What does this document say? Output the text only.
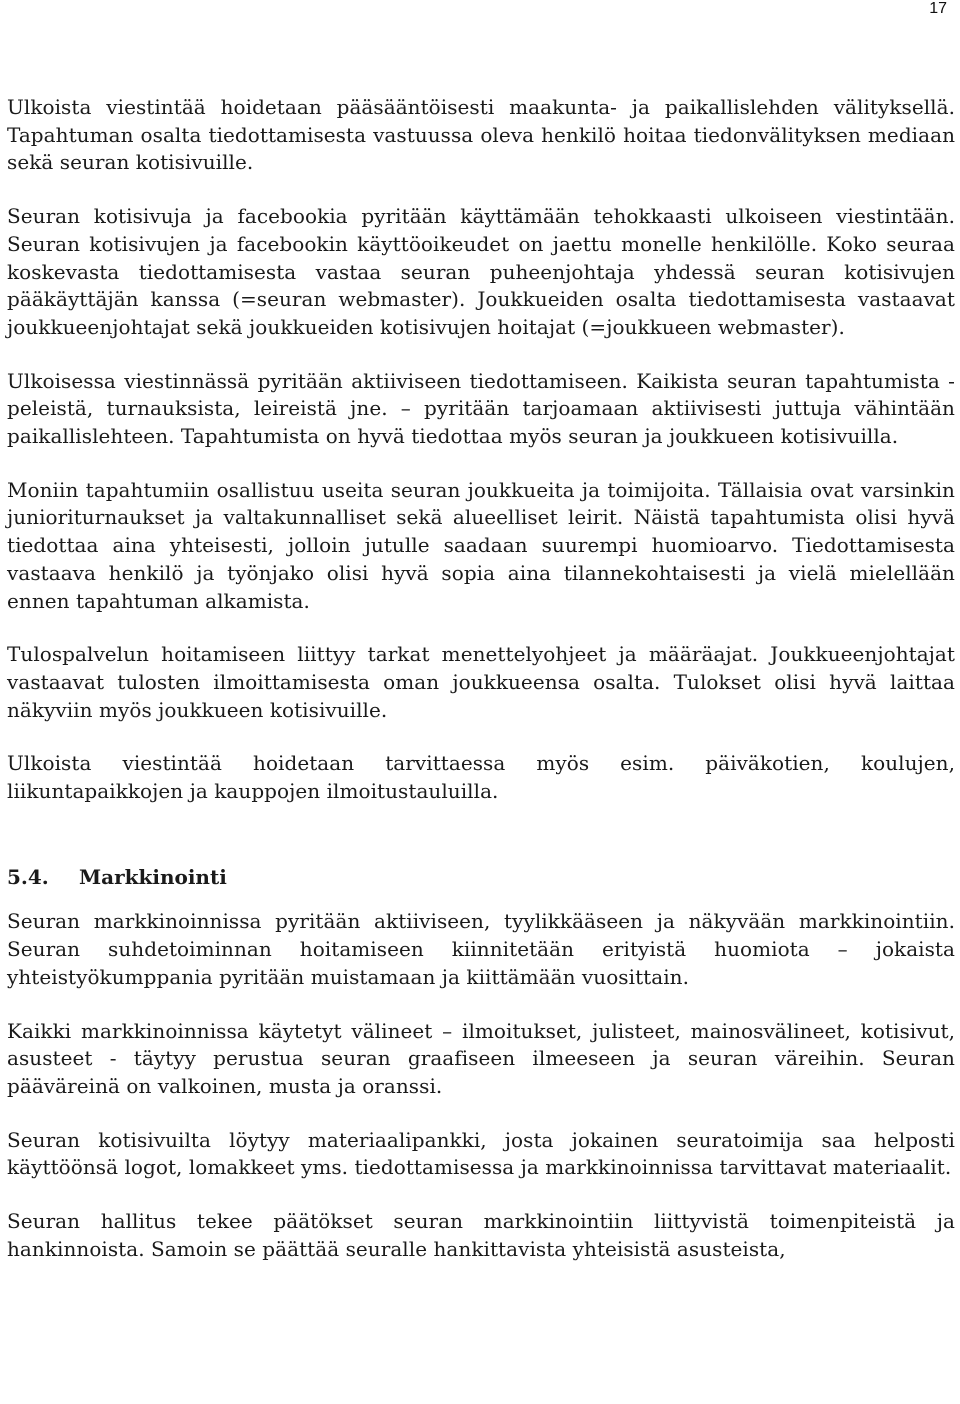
17

Ulkoista viestintää hoidetaan pääsääntöisesti maakunta- ja paikallislehden välityksellä. Tapahtuman osalta tiedottamisesta vastuussa oleva henkilö hoitaa tiedonvälityksen mediaan sekä seuran kotisivuille.

Seuran kotisivuja ja facebookia pyritään käyttämään tehokkaasti ulkoiseen viestintään. Seuran kotisivujen ja facebookin käyttöoikeudet on jaettu monelle henkilölle. Koko seuraa koskevasta tiedottamisesta vastaa seuran puheenjohtaja yhdessä seuran kotisivujen pääkäyttäjän kanssa (=seuran webmaster). Joukkueiden osalta tiedottamisesta vastaavat joukkueenjohtajat sekä joukkueiden kotisivujen hoitajat (=joukkueen webmaster).

Ulkoisessa viestinnässä pyritään aktiiviseen tiedottamiseen. Kaikista seuran tapahtumista - peleistä, turnauksista, leireistä jne. – pyritään tarjoamaan aktiivisesti juttuja vähintään paikallislehteen. Tapahtumista on hyvä tiedottaa myös seuran ja joukkueen kotisivuilla.

Moniin tapahtumiin osallistuu useita seuran joukkueita ja toimijoita. Tällaisia ovat varsinkin junioriturnaukset ja valtakunnalliset sekä alueelliset leirit. Näistä tapahtumista olisi hyvä tiedottaa aina yhteisesti, jolloin jutulle saadaan suurempi huomioarvo. Tiedottamisesta vastaava henkilö ja työnjako olisi hyvä sopia aina tilannekohtaisesti ja vielä mielellään ennen tapahtuman alkamista.

Tulospalvelun hoitamiseen liittyy tarkat menettelyohjeet ja määräajat. Joukkueenjohtajat vastaavat tulosten ilmoittamisesta oman joukkueensa osalta. Tulokset olisi hyvä laittaa näkyviin myös joukkueen kotisivuille.

Ulkoista viestintää hoidetaan tarvittaessa myös esim. päiväkotien, koulujen, liikuntapaikkojen ja kauppojen ilmoitustauluilla.

5.4.	Markkinointi

Seuran markkinoinnissa pyritään aktiiviseen, tyylikkääseen ja näkyvään markkinointiin. Seuran suhdetoiminnan hoitamiseen kiinnitetään erityistä huomiota – jokaista yhteistyökumppania pyritään muistamaan ja kiittämään vuosittain.

Kaikki markkinoinnissa käytetyt välineet – ilmoitukset, julisteet, mainosvälineet, kotisivut, asusteet - täytyy perustua seuran graafiseen ilmeeseen ja seuran väreihin. Seuran pääväreinä on valkoinen, musta ja oranssi.

Seuran kotisivuilta löytyy materiaalipankki, josta jokainen seuratoimija saa helposti käyttöönsä logot, lomakkeet yms. tiedottamisessa ja markkinoinnissa tarvittavat materiaalit.

Seuran hallitus tekee päätökset seuran markkinointiin liittyvistä toimenpiteistä ja hankinnoista. Samoin se päättää seuralle hankittavista yhteisistä asusteista,
